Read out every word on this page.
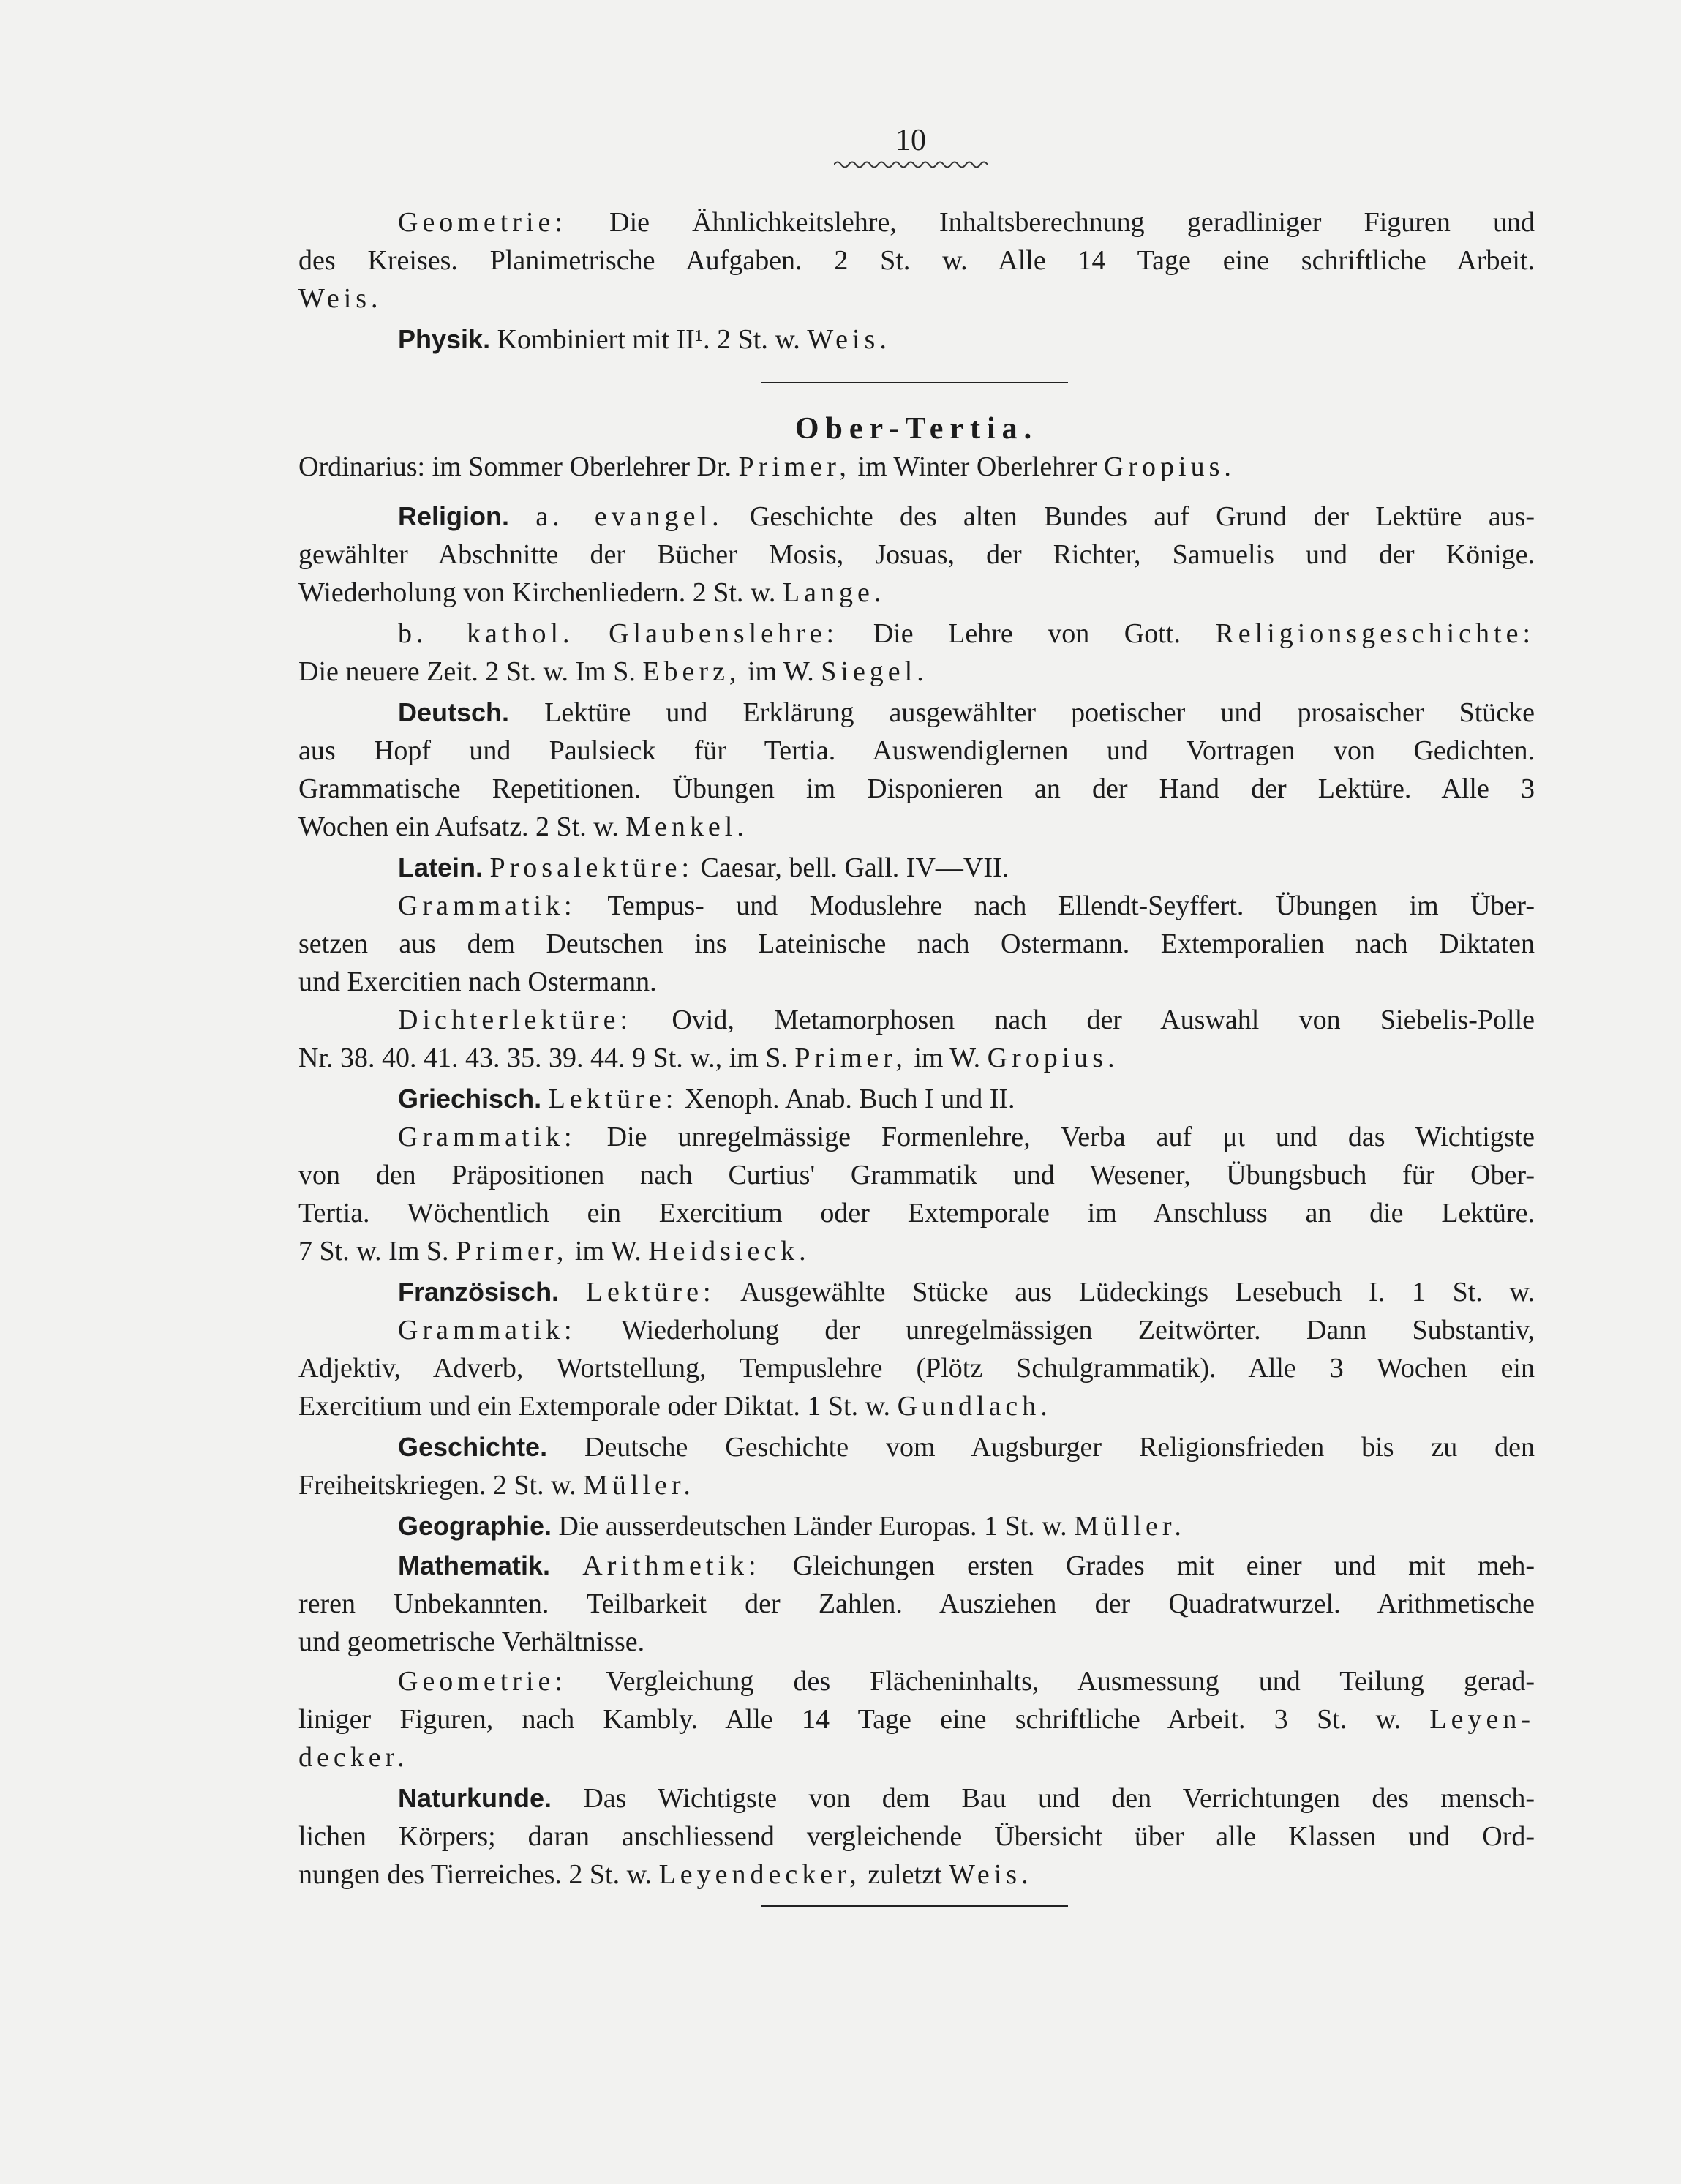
10
Geometrie: Die Ähnlichkeitslehre, Inhaltsberechnung geradliniger Figuren und
des Kreises. Planimetrische Aufgaben. 2 St. w. Alle 14 Tage eine schriftliche Arbeit.
Weis.
Physik. Kombiniert mit II¹. 2 St. w. Weis.
Ober-Tertia.
Ordinarius: im Sommer Oberlehrer Dr. Primer, im Winter Oberlehrer Gropius.
Religion. a. evangel. Geschichte des alten Bundes auf Grund der Lektüre aus-
gewählter Abschnitte der Bücher Mosis, Josuas, der Richter, Samuelis und der Könige.
Wiederholung von Kirchenliedern. 2 St. w. Lange.
b. kathol. Glaubenslehre: Die Lehre von Gott. Religionsgeschichte:
Die neuere Zeit. 2 St. w. Im S. Eberz, im W. Siegel.
Deutsch. Lektüre und Erklärung ausgewählter poetischer und prosaischer Stücke
aus Hopf und Paulsieck für Tertia. Auswendiglernen und Vortragen von Gedichten.
Grammatische Repetitionen. Übungen im Disponieren an der Hand der Lektüre. Alle 3
Wochen ein Aufsatz. 2 St. w. Menkel.
Latein. Prosalektüre: Caesar, bell. Gall. IV—VII.
Grammatik: Tempus- und Moduslehre nach Ellendt-Seyffert. Übungen im Über-
setzen aus dem Deutschen ins Lateinische nach Ostermann. Extemporalien nach Diktaten
und Exercitien nach Ostermann.
Dichterlektüre: Ovid, Metamorphosen nach der Auswahl von Siebelis-Polle
Nr. 38. 40. 41. 43. 35. 39. 44. 9 St. w., im S. Primer, im W. Gropius.
Griechisch. Lektüre: Xenoph. Anab. Buch I und II.
Grammatik: Die unregelmässige Formenlehre, Verba auf μι und das Wichtigste
von den Präpositionen nach Curtius' Grammatik und Wesener, Übungsbuch für Ober-
Tertia. Wöchentlich ein Exercitium oder Extemporale im Anschluss an die Lektüre.
7 St. w. Im S. Primer, im W. Heidsieck.
Französisch. Lektüre: Ausgewählte Stücke aus Lüdeckings Lesebuch I. 1 St. w.
Grammatik: Wiederholung der unregelmässigen Zeitwörter. Dann Substantiv,
Adjektiv, Adverb, Wortstellung, Tempuslehre (Plötz Schulgrammatik). Alle 3 Wochen ein
Exercitium und ein Extemporale oder Diktat. 1 St. w. Gundlach.
Geschichte. Deutsche Geschichte vom Augsburger Religionsfrieden bis zu den
Freiheitskriegen. 2 St. w. Müller.
Geographie. Die ausserdeutschen Länder Europas. 1 St. w. Müller.
Mathematik. Arithmetik: Gleichungen ersten Grades mit einer und mit meh-
reren Unbekannten. Teilbarkeit der Zahlen. Ausziehen der Quadratwurzel. Arithmetische
und geometrische Verhältnisse.
Geometrie: Vergleichung des Flächeninhalts, Ausmessung und Teilung gerad-
liniger Figuren, nach Kambly. Alle 14 Tage eine schriftliche Arbeit. 3 St. w. Leyen-
decker.
Naturkunde. Das Wichtigste von dem Bau und den Verrichtungen des mensch-
lichen Körpers; daran anschliessend vergleichende Übersicht über alle Klassen und Ord-
nungen des Tierreiches. 2 St. w. Leyendecker, zuletzt Weis.
